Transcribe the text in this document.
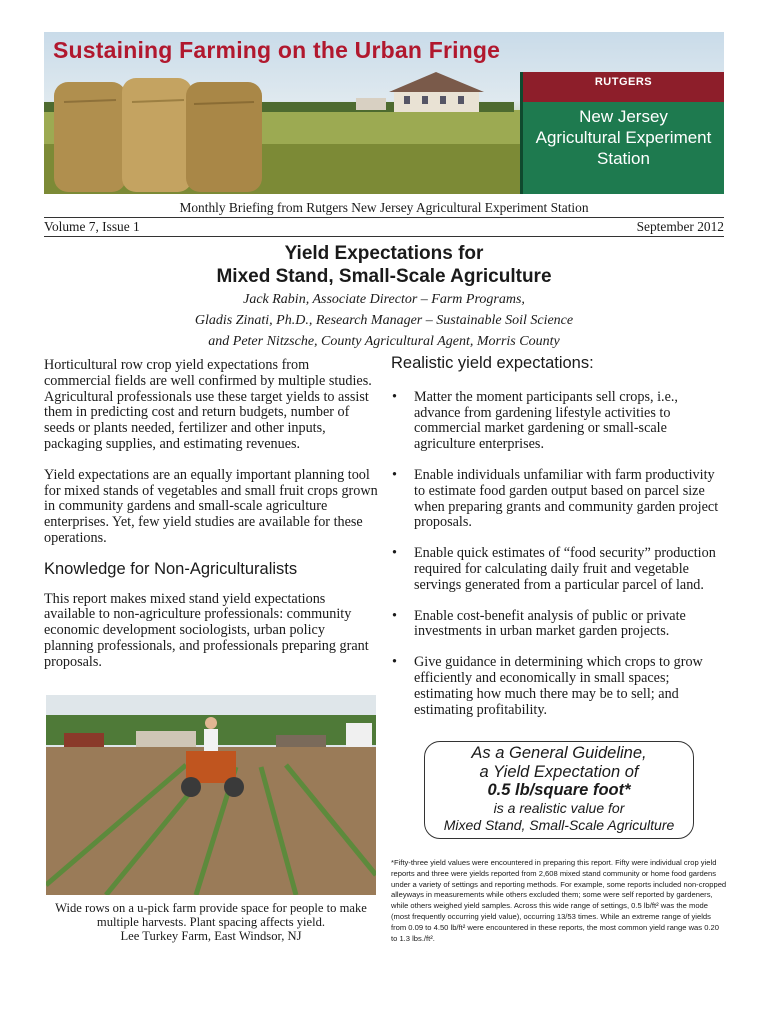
Sustaining Farming on the Urban Fringe
RUTGERS
New Jersey
Agricultural Experiment
Station
Monthly Briefing from Rutgers New Jersey Agricultural Experiment Station
Volume 7, Issue 1	September 2012
Yield Expectations for
Mixed Stand, Small-Scale Agriculture
Jack Rabin, Associate Director – Farm Programs,
Gladis Zinati, Ph.D., Research Manager – Sustainable Soil Science
and Peter Nitzsche, County Agricultural Agent, Morris County

Horticultural row crop yield expectations from commercial fields are well confirmed by multiple studies. Agricultural professionals use these target yields to assist them in predicting cost and return budgets, number of seeds or plants needed, fertilizer and other inputs, packaging supplies, and estimating revenues.

Yield expectations are an equally important planning tool for mixed stands of vegetables and small fruit crops grown in community gardens and small-scale agriculture enterprises. Yet, few yield studies are available for these operations.

Knowledge for Non-Agriculturalists

This report makes mixed stand yield expectations available to non-agriculture professionals: community economic development sociologists, urban policy planning professionals, and professionals preparing grant proposals.

Wide rows on a u-pick farm provide space for people to make multiple harvests. Plant spacing affects yield.
Lee Turkey Farm, East Windsor, NJ
Realistic yield expectations:
• Matter the moment participants sell crops, i.e., advance from gardening lifestyle activities to commercial market gardening or small-scale agriculture enterprises.
• Enable individuals unfamiliar with farm productivity to estimate food garden output based on parcel size when preparing grants and community garden project proposals.
• Enable quick estimates of “food security” production required for calculating daily fruit and vegetable servings generated from a particular parcel of land.
• Enable cost-benefit analysis of public or private investments in urban market garden projects.
• Give guidance in determining which crops to grow efficiently and economically in small spaces; estimating how much there may be to sell; and estimating profitability.
As a General Guideline,
a Yield Expectation of
0.5 lb/square foot*
is a realistic value for
Mixed Stand, Small-Scale Agriculture
*Fifty-three yield values were encountered in preparing this report. Fifty were individual crop yield reports and three were yields reported from 2,608 mixed stand community or home food gardens under a variety of settings and reporting methods. For example, some reports included non-cropped alleyways in measurements while others excluded them; some were self reported by gardeners, while others weighed yield samples. Across this wide range of settings, 0.5 lb/ft² was the mode (most frequently occurring yield value), occurring 13/53 times. While an extreme range of yields from 0.09 to 4.50 lb/ft² were encountered in these reports, the most common yield range was 0.20 to 1.3 lbs./ft².
